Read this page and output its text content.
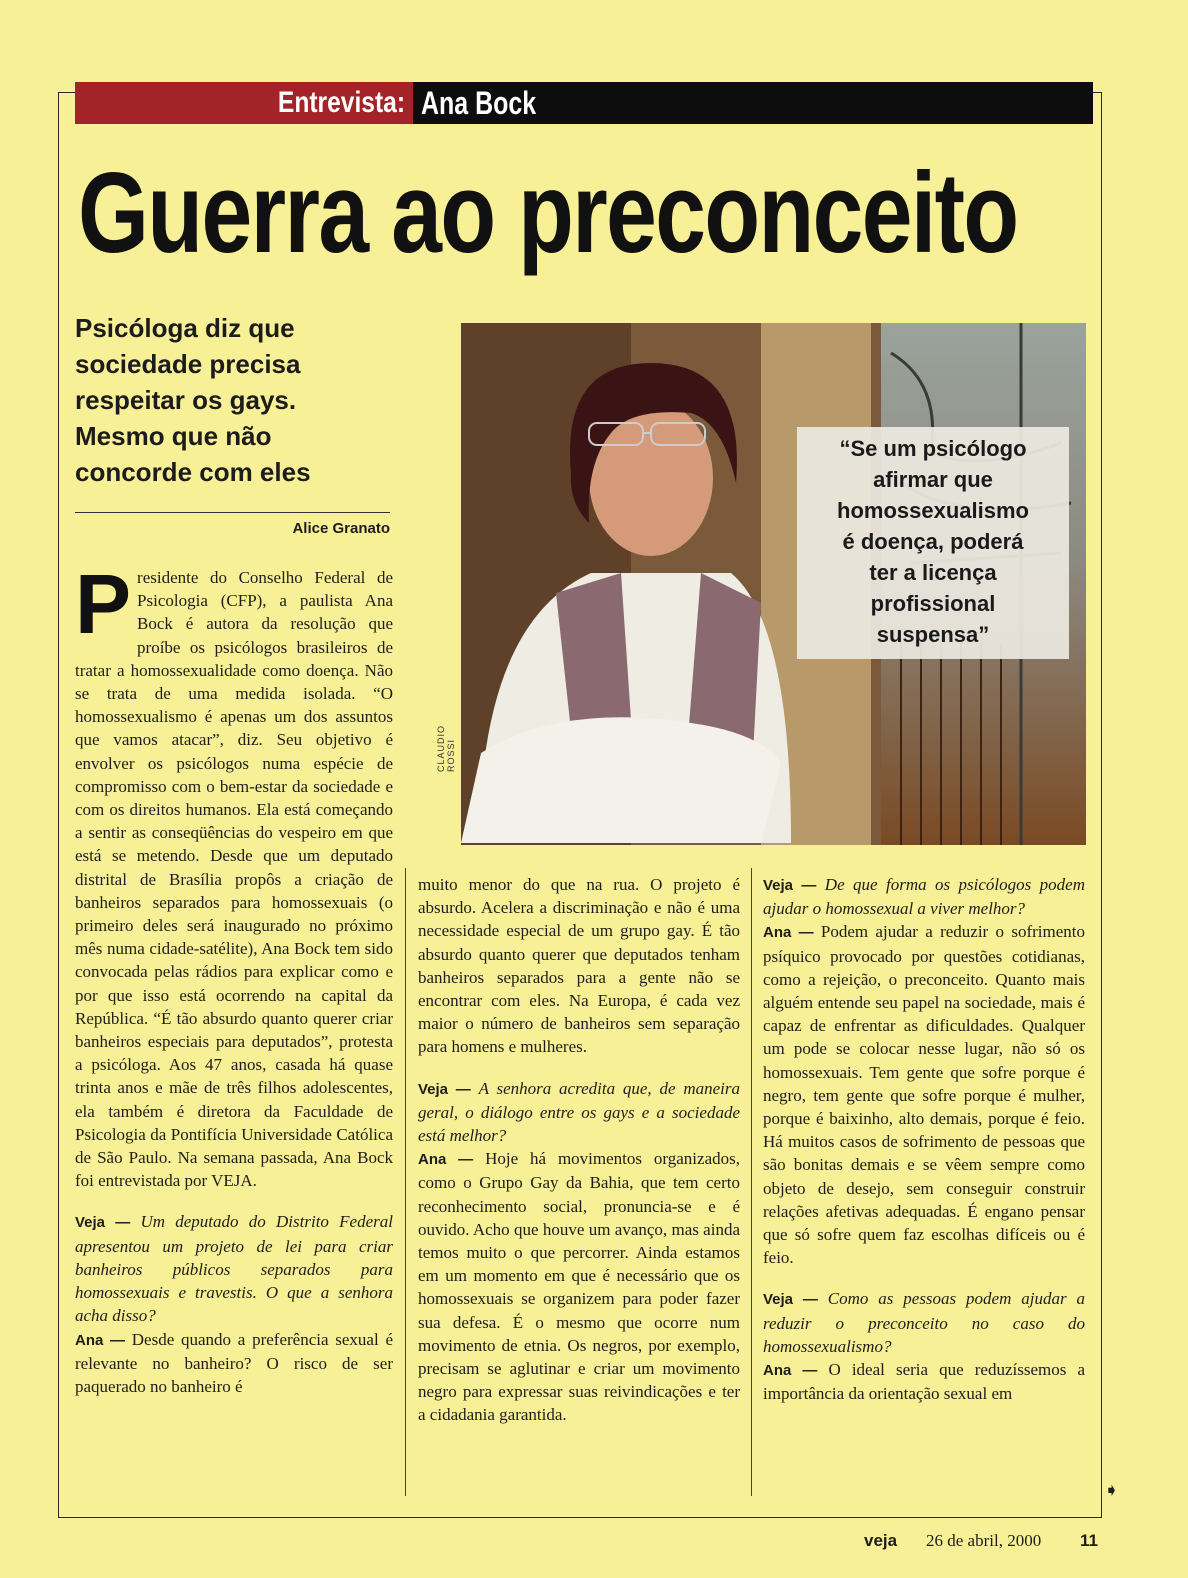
Entrevista: Ana Bock
Guerra ao preconceito
Psicóloga diz que
sociedade precisa
respeitar os gays.
Mesmo que não
concorde com eles
Alice Granato
“Se um psicólogo
afirmar que
homossexualismo
é doença, poderá
ter a licença
profissional
suspensa”
CLAUDIO ROSSI

P residente do Conselho Federal de Psicologia (CFP), a paulista Ana Bock é autora da resolução que proíbe os psicólogos brasileiros de tratar a homossexualidade como doença. Não se trata de uma medida isolada. “O homossexualismo é apenas um dos assuntos que vamos atacar”, diz. Seu objetivo é envolver os psicólogos numa espécie de compromisso com o bem-estar da sociedade e com os direitos humanos. Ela está começando a sentir as conseqüências do vespeiro em que está se metendo. Desde que um deputado distrital de Brasília propôs a criação de banheiros separados para homossexuais (o primeiro deles será inaugurado no próximo mês numa cidade-satélite), Ana Bock tem sido convocada pelas rádios para explicar como e por que isso está ocorrendo na capital da República. “É tão absurdo quanto querer criar banheiros especiais para deputados”, protesta a psicóloga. Aos 47 anos, casada há quase trinta anos e mãe de três filhos adolescentes, ela também é diretora da Faculdade de Psicologia da Pontifícia Universidade Católica de São Paulo. Na semana passada, Ana Bock foi entrevistada por VEJA.

Veja — Um deputado do Distrito Federal apresentou um projeto de lei para criar banheiros públicos separados para homossexuais e travestis. O que a senhora acha disso?

Ana — Desde quando a preferência sexual é relevante no banheiro? O risco de ser paquerado no banheiro é

muito menor do que na rua. O projeto é absurdo. Acelera a discriminação e não é uma necessidade especial de um grupo gay. É tão absurdo quanto querer que deputados tenham banheiros separados para a gente não se encontrar com eles. Na Europa, é cada vez maior o número de banheiros sem separação para homens e mulheres.

Veja — A senhora acredita que, de maneira geral, o diálogo entre os gays e a sociedade está melhor?

Ana — Hoje há movimentos organizados, como o Grupo Gay da Bahia, que tem certo reconhecimento social, pronuncia-se e é ouvido. Acho que houve um avanço, mas ainda temos muito o que percorrer. Ainda estamos em um momento em que é necessário que os homossexuais se organizem para poder fazer sua defesa. É o mesmo que ocorre num movimento de etnia. Os negros, por exemplo, precisam se aglutinar e criar um movimento negro para expressar suas reivindicações e ter a cidadania garantida.

Veja — De que forma os psicólogos podem ajudar o homossexual a viver melhor?

Ana — Podem ajudar a reduzir o sofrimento psíquico provocado por questões cotidianas, como a rejeição, o preconceito. Quanto mais alguém entende seu papel na sociedade, mais é capaz de enfrentar as dificuldades. Qualquer um pode se colocar nesse lugar, não só os homossexuais. Tem gente que sofre porque é negro, tem gente que sofre porque é mulher, porque é baixinho, alto demais, porque é feio. Há muitos casos de sofrimento de pessoas que são bonitas demais e se vêem sempre como objeto de desejo, sem conseguir construir relações afetivas adequadas. É engano pensar que só sofre quem faz escolhas difíceis ou é feio.

Veja — Como as pessoas podem ajudar a reduzir o preconceito no caso do homossexualismo?

Ana — O ideal seria que reduzíssemos a importância da orientação sexual em

➧
veja 26 de abril, 2000 11
